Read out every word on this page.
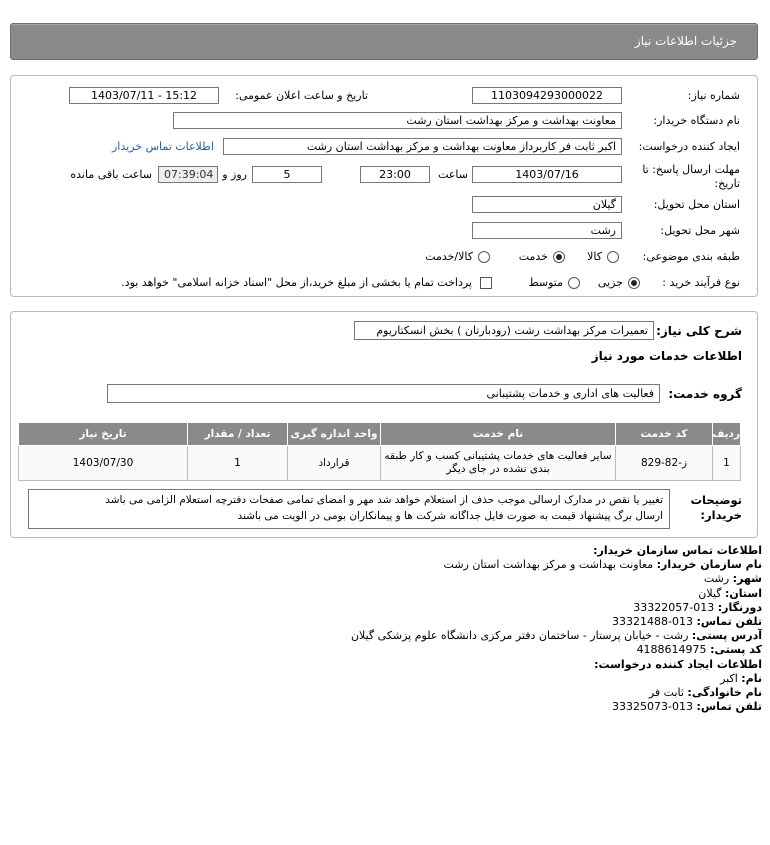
جزئیات اطلاعات نیاز
شماره نیاز:
1103094293000022
تاریخ و ساعت اعلان عمومی:
1403/07/11 - 15:12
نام دستگاه خریدار:
معاونت بهداشت و مرکز بهداشت استان رشت
ایجاد کننده درخواست:
اکبر ثابت فر کاربرداز معاونت بهداشت و مرکز بهداشت استان رشت
اطلاعات تماس خریدار
مهلت ارسال پاسخ: تا تاریخ:
1403/07/16
ساعت
23:00
5
روز و
07:39:04
ساعت باقی مانده
استان محل تحویل:
گیلان
شهر محل تحویل:
رشت
طبقه بندی موضوعی:
کالا
خدمت
کالا/خدمت
نوع فرآیند خرید :
جزیی
متوسط
پرداخت تمام یا بخشی از مبلغ خرید،از محل "اسناد خزانه اسلامی" خواهد بود.
شرح کلی نیاز:
تعمیرات مرکز بهداشت رشت (رودبارتان ) بخش انسکتاریوم
اطلاعات خدمات مورد نیاز
گروه خدمت:
فعالیت های اداری و خدمات پشتیبانی
ردیف	کد خدمت	نام خدمت	واحد اندازه گیری	تعداد / مقدار	تاریخ نیاز
1	ز-82-829	سایر فعالیت های خدمات پشتیبانی کسب و کار طبقه بندی نشده در جای دیگر	قرارداد	1	1403/07/30
توضیحات خریدار:
تغییر یا نقص در مدارک ارسالی موجب حذف از استعلام خواهد شد مهر و امضای تمامی صفحات دفترچه استعلام الزامی می باشد
ارسال برگ پیشنهاد قیمت به صورت فایل جداگانه شرکت ها و پیمانکاران بومی در الویت می باشند
اطلاعات تماس سازمان خریدار:
نام سازمان خریدار: معاونت بهداشت و مرکز بهداشت استان رشت
شهر: رشت
استان: گیلان
دورنگار: 013-33322057
تلفن تماس: 013-33321488
آدرس پستی: رشت - خیابان پرستار - ساختمان دفتر مرکزی دانشگاه علوم پزشکی گیلان
کد پستی: 4188614975
اطلاعات ایجاد کننده درخواست:
نام: اکبر
نام خانوادگی: ثابت فر
تلفن تماس: 013-33325073
